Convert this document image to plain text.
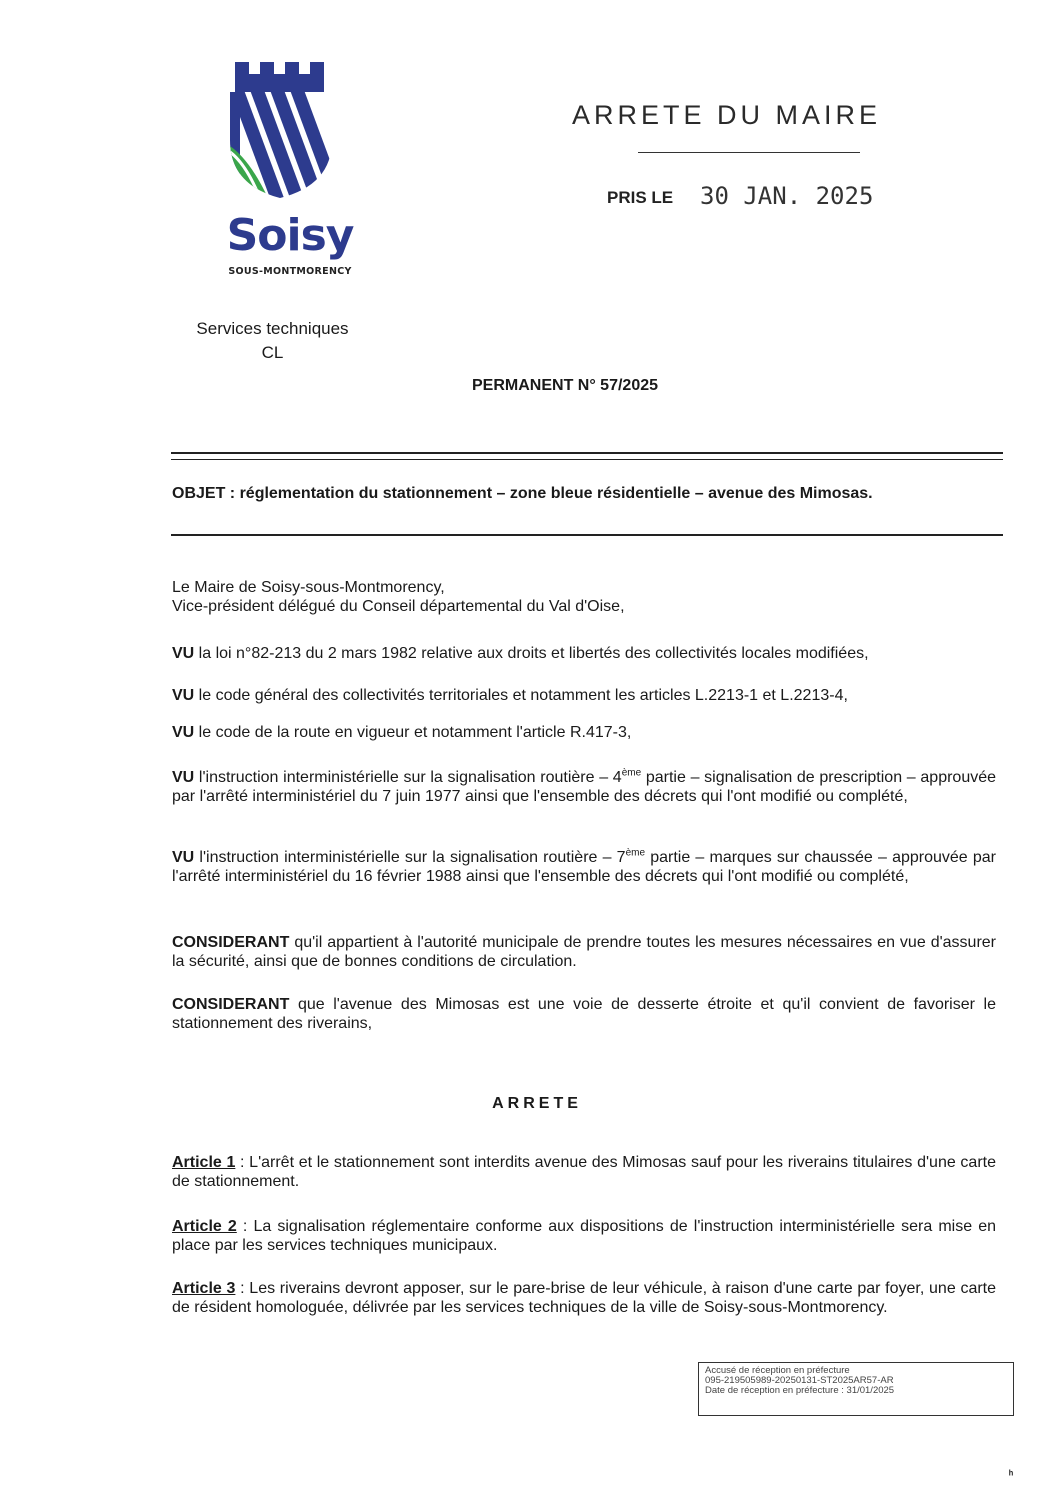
Soisy
SOUS-MONTMORENCY
ARRETE DU MAIRE
PRIS LE 30 JAN. 2025
Services techniques
CL
PERMANENT N° 57/2025
OBJET : réglementation du stationnement – zone bleue résidentielle – avenue des Mimosas.
Le Maire de Soisy-sous-Montmorency,
Vice-président délégué du Conseil départemental du Val d'Oise,
VU la loi n°82-213 du 2 mars 1982 relative aux droits et libertés des collectivités locales modifiées,
VU le code général des collectivités territoriales et notamment les articles L.2213-1 et L.2213-4,
VU le code de la route en vigueur et notamment l'article R.417-3,
VU l'instruction interministérielle sur la signalisation routière – 4ème partie – signalisation de prescription – approuvée par l'arrêté interministériel du 7 juin 1977 ainsi que l'ensemble des décrets qui l'ont modifié ou complété,
VU l'instruction interministérielle sur la signalisation routière – 7ème partie – marques sur chaussée – approuvée par l'arrêté interministériel du 16 février 1988 ainsi que l'ensemble des décrets qui l'ont modifié ou complété,
CONSIDERANT qu'il appartient à l'autorité municipale de prendre toutes les mesures nécessaires en vue d'assurer la sécurité, ainsi que de bonnes conditions de circulation.
CONSIDERANT que l'avenue des Mimosas est une voie de desserte étroite et qu'il convient de favoriser le stationnement des riverains,
ARRETE
Article 1 : L'arrêt et le stationnement sont interdits avenue des Mimosas sauf pour les riverains titulaires d'une carte de stationnement.
Article 2 : La signalisation réglementaire conforme aux dispositions de l'instruction interministérielle sera mise en place par les services techniques municipaux.
Article 3 : Les riverains devront apposer, sur le pare-brise de leur véhicule, à raison d'une carte par foyer, une carte de résident homologuée, délivrée par les services techniques de la ville de Soisy-sous-Montmorency.
Accusé de réception en préfecture
095-219505989-20250131-ST2025AR57-AR
Date de réception en préfecture : 31/01/2025
ʰ
